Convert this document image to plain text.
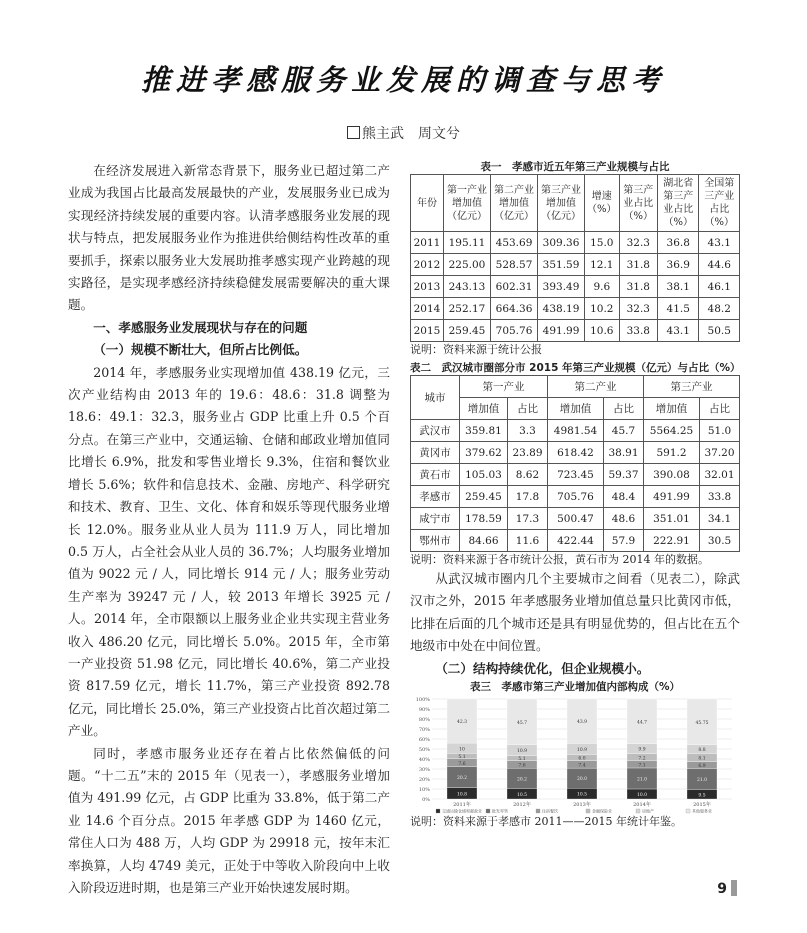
推进孝感服务业发展的调查与思考
熊主武　周文兮

在经济发展进入新常态背景下，服务业已超过第二产业成为我国占比最高发展最快的产业，发展服务业已成为实现经济持续发展的重要内容。认清孝感服务业发展的现状与特点，把发展服务业作为推进供给侧结构性改革的重要抓手，探索以服务业大发展助推孝感实现产业跨越的现实路径，是实现孝感经济持续稳健发展需要解决的重大课题。

一、孝感服务业发展现状与存在的问题
（一）规模不断壮大，但所占比例低。

2014 年，孝感服务业实现增加值 438.19 亿元，三次产业结构由 2013 年的 19.6：48.6：31.8 调整为 18.6：49.1：32.3，服务业占 GDP 比重上升 0.5 个百分点。在第三产业中，交通运输、仓储和邮政业增加值同比增长 6.9%，批发和零售业增长 9.3%，住宿和餐饮业增长 5.6%；软件和信息技术、金融、房地产、科学研究和技术、教育、卫生、文化、体育和娱乐等现代服务业增长 12.0%。服务业从业人员为 111.9 万人，同比增加 0.5 万人，占全社会从业人员的 36.7%；人均服务业增加值为 9022 元 / 人，同比增长 914 元 / 人；服务业劳动生产率为 39247 元 / 人，较 2013 年增长 3925 元 / 人。2014 年，全市限额以上服务业企业共实现主营业务收入 486.20 亿元，同比增长 5.0%。2015 年，全市第一产业投资 51.98 亿元，同比增长 40.6%，第二产业投资 817.59 亿元，增长 11.7%，第三产业投资 892.78 亿元，同比增长 25.0%，第三产业投资占比首次超过第二产业。

同时，孝感市服务业还存在着占比依然偏低的问题。“十二五”末的 2015 年（见表一），孝感服务业增加值为 491.99 亿元，占 GDP 比重为 33.8%，低于第二产业 14.6 个百分点。2015 年孝感 GDP 为 1460 亿元，常住人口为 488 万，人均 GDP 为 29918 元，按年末汇率换算，人均 4749 美元，正处于中等收入阶段向中上收入阶段迈进时期，也是第三产业开始快速发展时期。

表一　孝感市近五年第三产业规模与占比
年份	第一产业增加值（亿元）	第二产业增加值（亿元）	第三产业增加值（亿元）	增速（%）	第三产业占比（%）	湖北省第三产业占比（%）	全国第三产业占比（%）
2011	195.11	453.69	309.36	15.0	32.3	36.8	43.1
2012	225.00	528.57	351.59	12.1	31.8	36.9	44.6
2013	243.13	602.31	393.49	9.6	31.8	38.1	46.1
2014	252.17	664.36	438.19	10.2	32.3	41.5	48.2
2015	259.45	705.76	491.99	10.6	33.8	43.1	50.5
说明：资料来源于统计公报
表二　武汉城市圈部分市 2015 年第三产业规模（亿元）与占比（%）
城市	第一产业		第二产业		第三产业	
	增加值	占比	增加值	占比	增加值	占比
武汉市	359.81	3.3	4981.54	45.7	5564.25	51.0
黄冈市	379.62	23.89	618.42	38.91	591.2	37.20
黄石市	105.03	8.62	723.45	59.37	390.08	32.01
孝感市	259.45	17.8	705.76	48.4	491.99	33.8
咸宁市	178.59	17.3	500.47	48.6	351.01	34.1
鄂州市	84.66	11.6	422.44	57.9	222.91	30.5
说明：资料来源于各市统计公报，黄石市为 2014 年的数据。

从武汉城市圈内几个主要城市之间看（见表二），除武汉市之外，2015 年孝感服务业增加值总量只比黄冈市低，比排在后面的几个城市还是具有明显优势的，但占比在五个地级市中处在中间位置。

（二）结构持续优化，但企业规模小。
表三　孝感市第三产业增加值内部构成（%）
0%
10%
20%
30%
40%
50%
60%
70%
80%
90%
100%
10.8
20.2
7.6
5.1
10
42.3
2011年
10.5
20.2
7.6
5.1
10.9
45.7
2012年
10.5
20.0
7.4
6.0
10.9
43.9
2013年
10.0
21.0
7.1
7.2
9.9
44.7
2014年
9.5
21.0
6.9
8.1
8.8
45.75
2015年
交通运输仓储和邮政业	批发零售	住宿餐饮	金融保险业	房地产	其他服务业
说明：资料来源于孝感市 2011——2015 年统计年鉴。
9
